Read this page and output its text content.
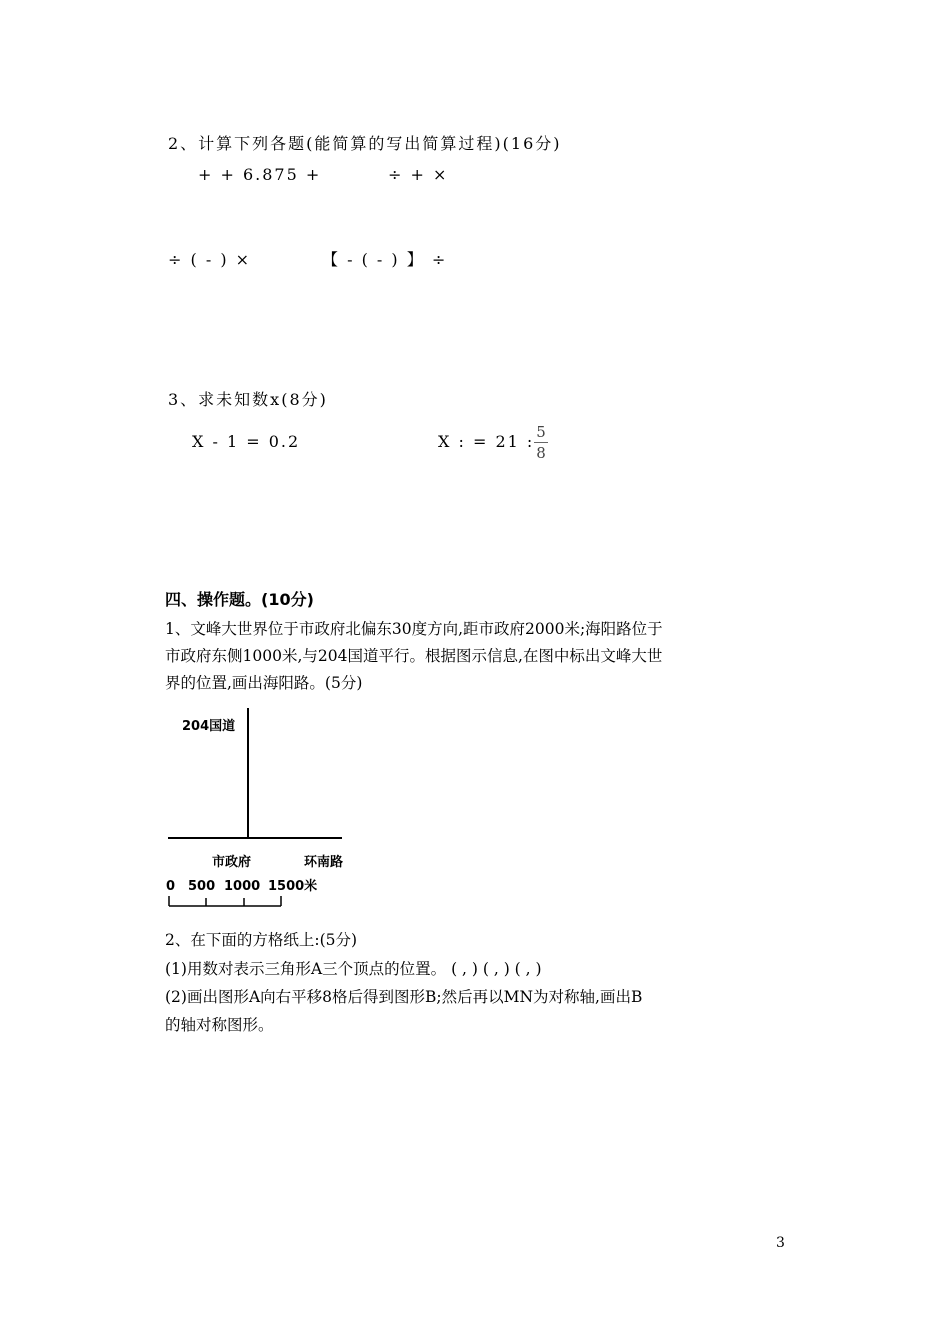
2、计算下列各题(能简算的写出简算过程)(16分)
+ + 6.875 +	÷ + ×
÷ ( - ) ×	【 - ( - ) 】 ÷
3、求未知数x(8分)
X - 1 = 0.2	X : = 21 : 5
8
四、操作题。(10分)
1、文峰大世界位于市政府北偏东30度方向,距市政府2000米;海阳路位于
市政府东侧1000米,与204国道平行。根据图示信息,在图中标出文峰大世
界的位置,画出海阳路。(5分)
204国道
市政府	环南路
0 500 1000 1500米
2、在下面的方格纸上:(5分)
(1)用数对表示三角形A三个顶点的位置。 ( , ) ( , ) ( , )
(2)画出图形A向右平移8格后得到图形B;然后再以MN为对称轴,画出B
的轴对称图形。
3
